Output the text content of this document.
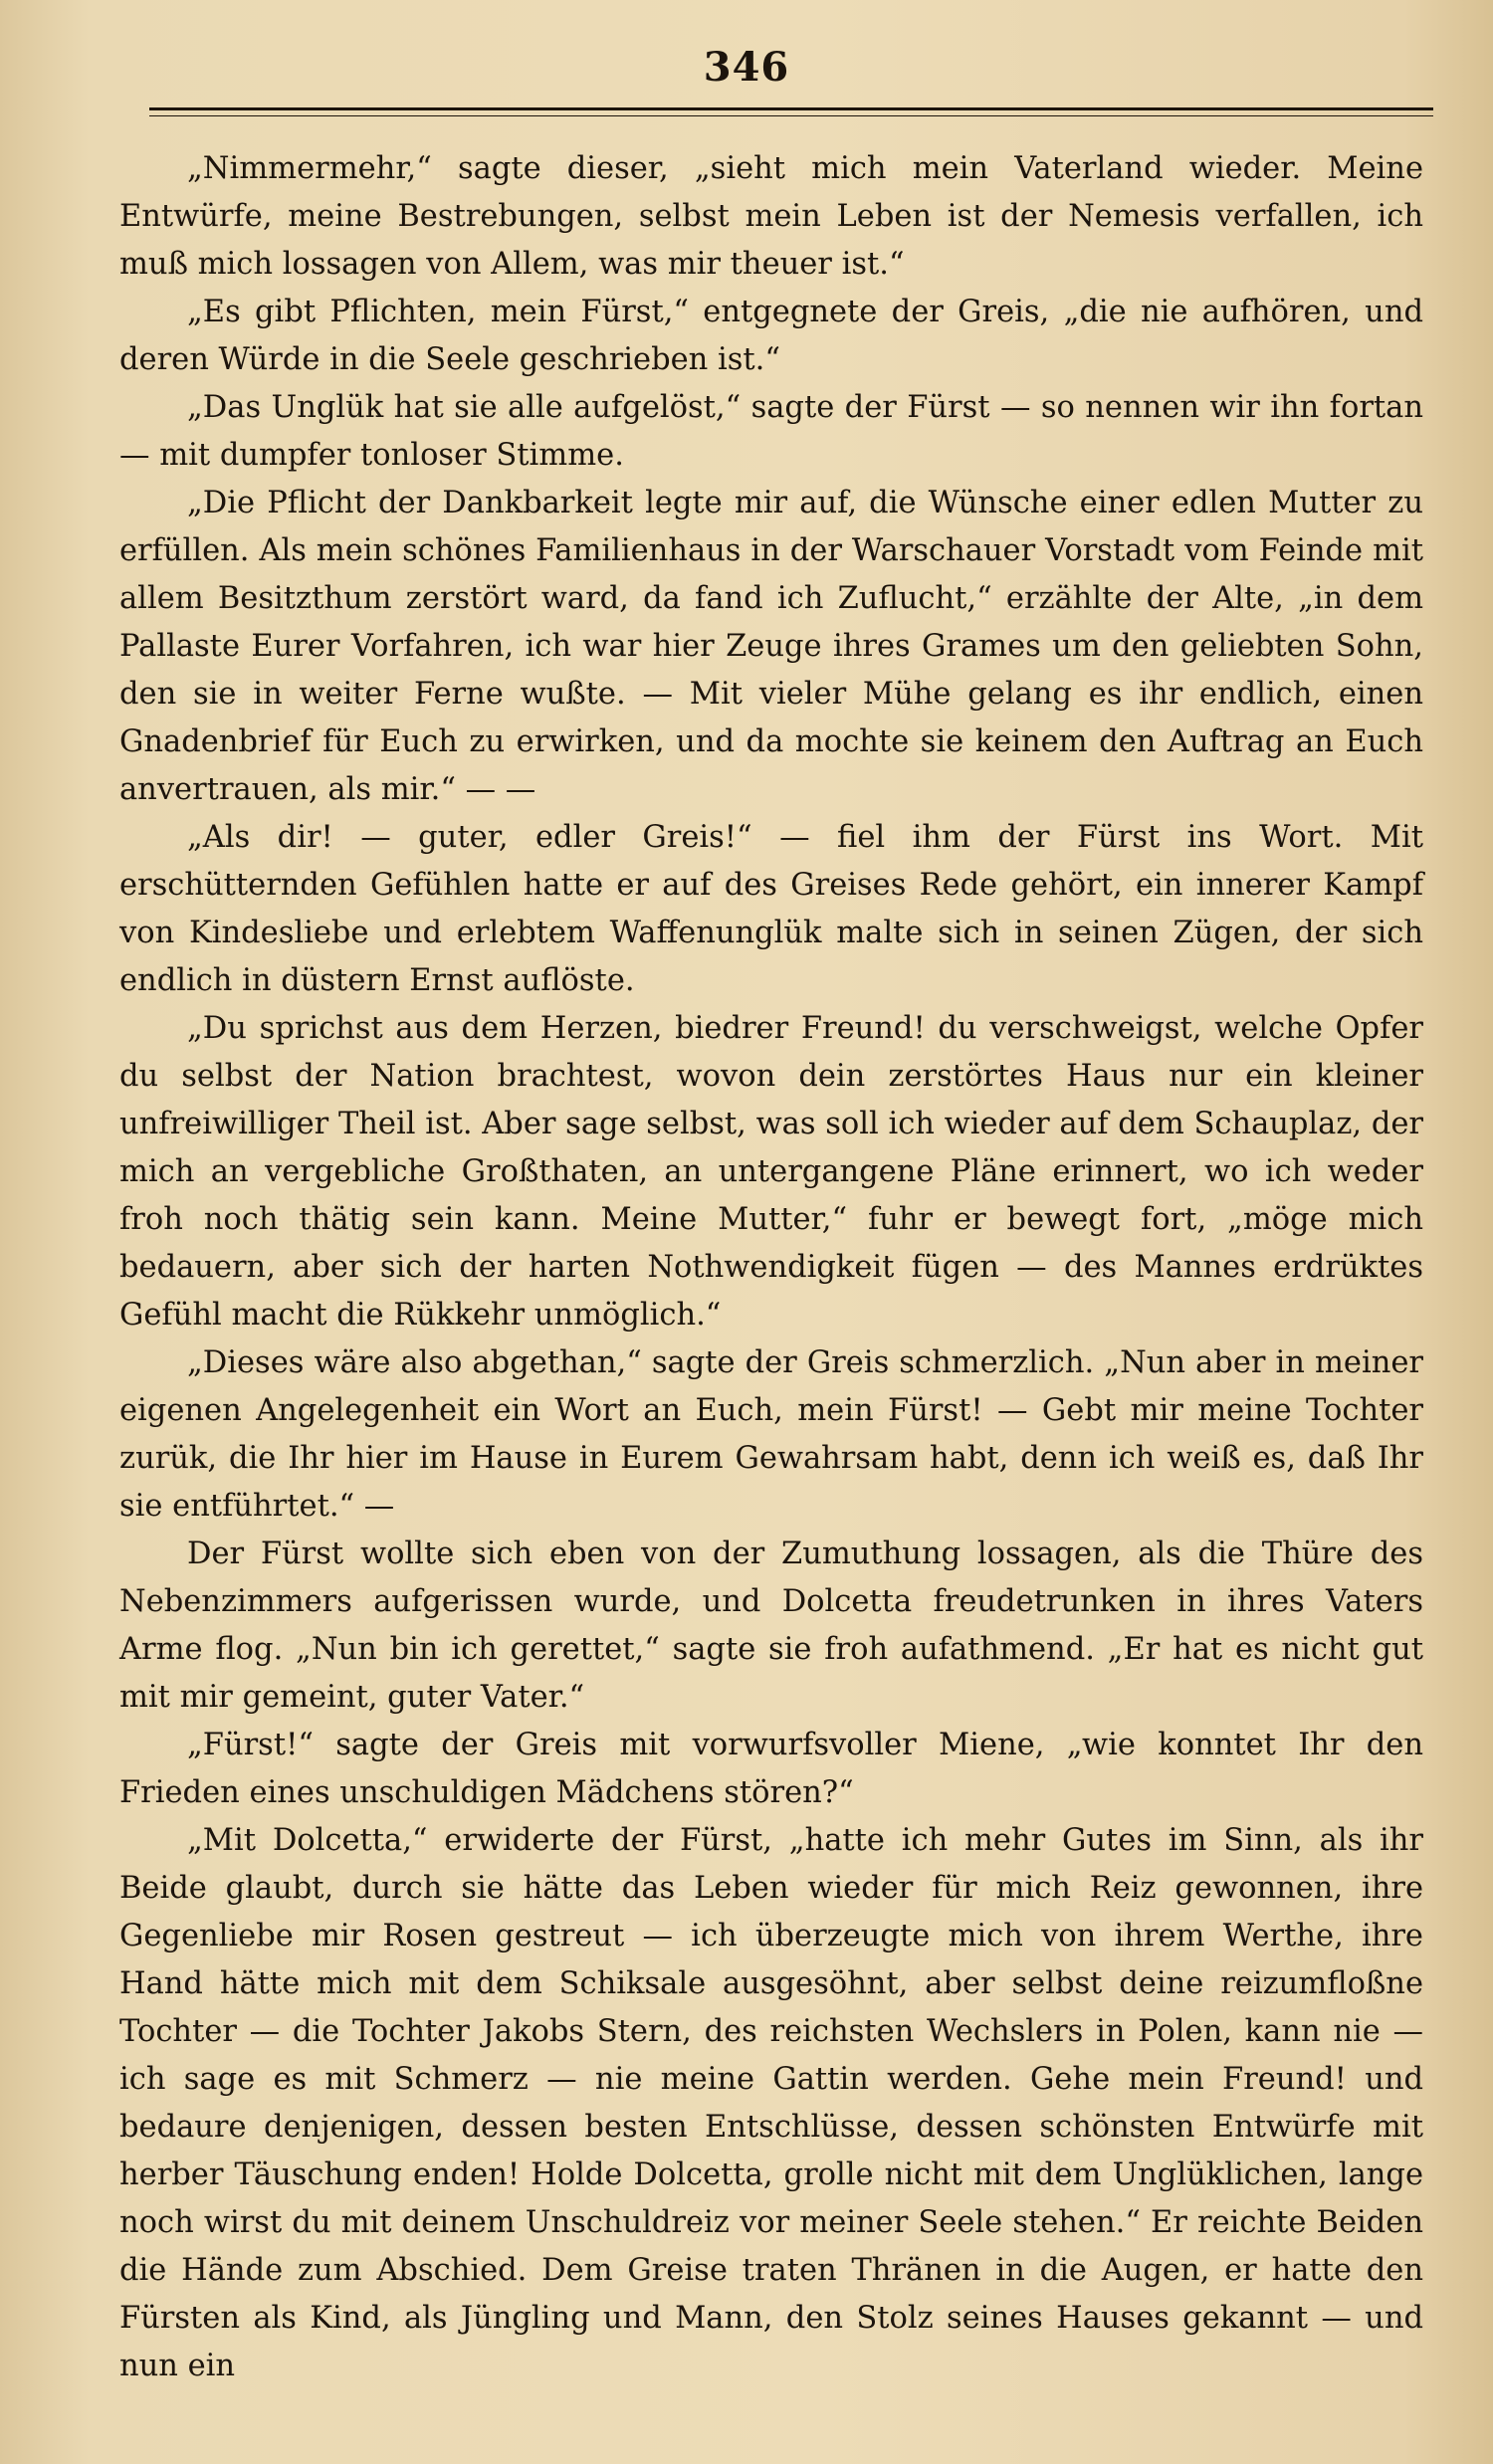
346

„Nimmermehr,“ sagte dieser, „sieht mich mein Vaterland wieder. Meine Entwürfe, meine Bestrebungen, selbst mein Leben ist der Nemesis verfallen, ich muß mich lossagen von Allem, was mir theuer ist.“

„Es gibt Pflichten, mein Fürst,“ entgegnete der Greis, „die nie aufhören, und deren Würde in die Seele geschrieben ist.“

„Das Unglük hat sie alle aufgelöst,“ sagte der Fürst — so nennen wir ihn fortan — mit dumpfer tonloser Stimme.

„Die Pflicht der Dankbarkeit legte mir auf, die Wünsche einer edlen Mutter zu erfüllen. Als mein schönes Familienhaus in der Warschauer Vorstadt vom Feinde mit allem Besitzthum zerstört ward, da fand ich Zuflucht,“ erzählte der Alte, „in dem Pallaste Eurer Vorfahren, ich war hier Zeuge ihres Grames um den geliebten Sohn, den sie in weiter Ferne wußte. — Mit vieler Mühe gelang es ihr endlich, einen Gnadenbrief für Euch zu erwirken, und da mochte sie keinem den Auftrag an Euch anvertrauen, als mir.“ — —

„Als dir! — guter, edler Greis!“ — fiel ihm der Fürst ins Wort. Mit erschütternden Gefühlen hatte er auf des Greises Rede gehört, ein innerer Kampf von Kindesliebe und erlebtem Waffenunglük malte sich in seinen Zügen, der sich endlich in düstern Ernst auflöste.

„Du sprichst aus dem Herzen, biedrer Freund! du verschweigst, welche Opfer du selbst der Nation brachtest, wovon dein zerstörtes Haus nur ein kleiner unfreiwilliger Theil ist. Aber sage selbst, was soll ich wieder auf dem Schauplaz, der mich an vergebliche Großthaten, an untergangene Pläne erinnert, wo ich weder froh noch thätig sein kann. Meine Mutter,“ fuhr er bewegt fort, „möge mich bedauern, aber sich der harten Nothwendigkeit fügen — des Mannes erdrüktes Gefühl macht die Rükkehr unmöglich.“

„Dieses wäre also abgethan,“ sagte der Greis schmerzlich. „Nun aber in meiner eigenen Angelegenheit ein Wort an Euch, mein Fürst! — Gebt mir meine Tochter zurük, die Ihr hier im Hause in Eurem Gewahrsam habt, denn ich weiß es, daß Ihr sie entführtet.“ —

Der Fürst wollte sich eben von der Zumuthung lossagen, als die Thüre des Nebenzimmers aufgerissen wurde, und Dolcetta freudetrunken in ihres Vaters Arme flog. „Nun bin ich gerettet,“ sagte sie froh aufathmend. „Er hat es nicht gut mit mir gemeint, guter Vater.“

„Fürst!“ sagte der Greis mit vorwurfsvoller Miene, „wie konntet Ihr den Frieden eines unschuldigen Mädchens stören?“

„Mit Dolcetta,“ erwiderte der Fürst, „hatte ich mehr Gutes im Sinn, als ihr Beide glaubt, durch sie hätte das Leben wieder für mich Reiz gewonnen, ihre Gegenliebe mir Rosen gestreut — ich überzeugte mich von ihrem Werthe, ihre Hand hätte mich mit dem Schiksale ausgesöhnt, aber selbst deine reizumfloßne Tochter — die Tochter Jakobs Stern, des reichsten Wechslers in Polen, kann nie — ich sage es mit Schmerz — nie meine Gattin werden. Gehe mein Freund! und bedaure denjenigen, dessen besten Entschlüsse, dessen schönsten Entwürfe mit herber Täuschung enden! Holde Dolcetta, grolle nicht mit dem Unglüklichen, lange noch wirst du mit deinem Unschuldreiz vor meiner Seele stehen.“ Er reichte Beiden die Hände zum Abschied. Dem Greise traten Thränen in die Augen, er hatte den Fürsten als Kind, als Jüngling und Mann, den Stolz seines Hauses gekannt — und nun ein
